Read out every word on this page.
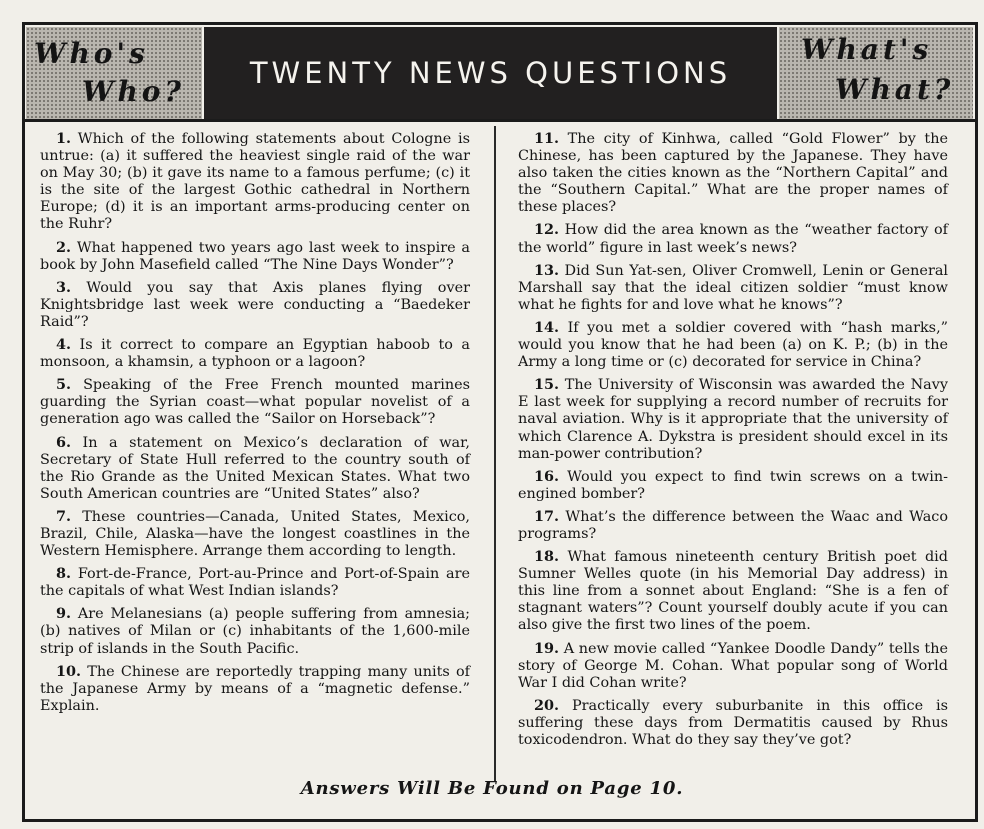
Who's
Who?
TWENTY NEWS QUESTIONS
What's
What?

1. Which of the following statements about Cologne is untrue: (a) it suffered the heaviest single raid of the war on May 30; (b) it gave its name to a famous perfume; (c) it is the site of the largest Gothic cathedral in Northern Europe; (d) it is an important arms-producing center on the Ruhr?

2. What happened two years ago last week to inspire a book by John Masefield called “The Nine Days Wonder”?

3. Would you say that Axis planes flying over Knightsbridge last week were conducting a “Baedeker Raid”?

4. Is it correct to compare an Egyptian haboob to a monsoon, a khamsin, a typhoon or a lagoon?

5. Speaking of the Free French mounted marines guarding the Syrian coast—what popular novelist of a generation ago was called the “Sailor on Horseback”?

6. In a statement on Mexico’s declaration of war, Secretary of State Hull referred to the country south of the Rio Grande as the United Mexican States. What two South American countries are “United States” also?

7. These countries—Canada, United States, Mexico, Brazil, Chile, Alaska—have the longest coastlines in the Western Hemisphere. Arrange them according to length.

8. Fort-de-France, Port-au-Prince and Port-of-Spain are the capitals of what West Indian islands?

9. Are Melanesians (a) people suffering from amnesia; (b) natives of Milan or (c) inhabitants of the 1,600-mile strip of islands in the South Pacific.

10. The Chinese are reportedly trapping many units of the Japanese Army by means of a “magnetic defense.” Explain.

11. The city of Kinhwa, called “Gold Flower” by the Chinese, has been captured by the Japanese. They have also taken the cities known as the “Northern Capital” and the “Southern Capital.” What are the proper names of these places?

12. How did the area known as the “weather factory of the world” figure in last week’s news?

13. Did Sun Yat-sen, Oliver Cromwell, Lenin or General Marshall say that the ideal citizen soldier “must know what he fights for and love what he knows”?

14. If you met a soldier covered with “hash marks,” would you know that he had been (a) on K. P.; (b) in the Army a long time or (c) decorated for service in China?

15. The University of Wisconsin was awarded the Navy E last week for supplying a record number of recruits for naval aviation. Why is it appropriate that the university of which Clarence A. Dykstra is president should excel in its man-power contribution?

16. Would you expect to find twin screws on a twin-engined bomber?

17. What’s the difference between the Waac and Waco programs?

18. What famous nineteenth century British poet did Sumner Welles quote (in his Memorial Day address) in this line from a sonnet about England: “She is a fen of stagnant waters”? Count yourself doubly acute if you can also give the first two lines of the poem.

19. A new movie called “Yankee Doodle Dandy” tells the story of George M. Cohan. What popular song of World War I did Cohan write?

20. Practically every suburbanite in this office is suffering these days from Dermatitis caused by Rhus toxicodendron. What do they say they’ve got?

Answers Will Be Found on Page 10.
